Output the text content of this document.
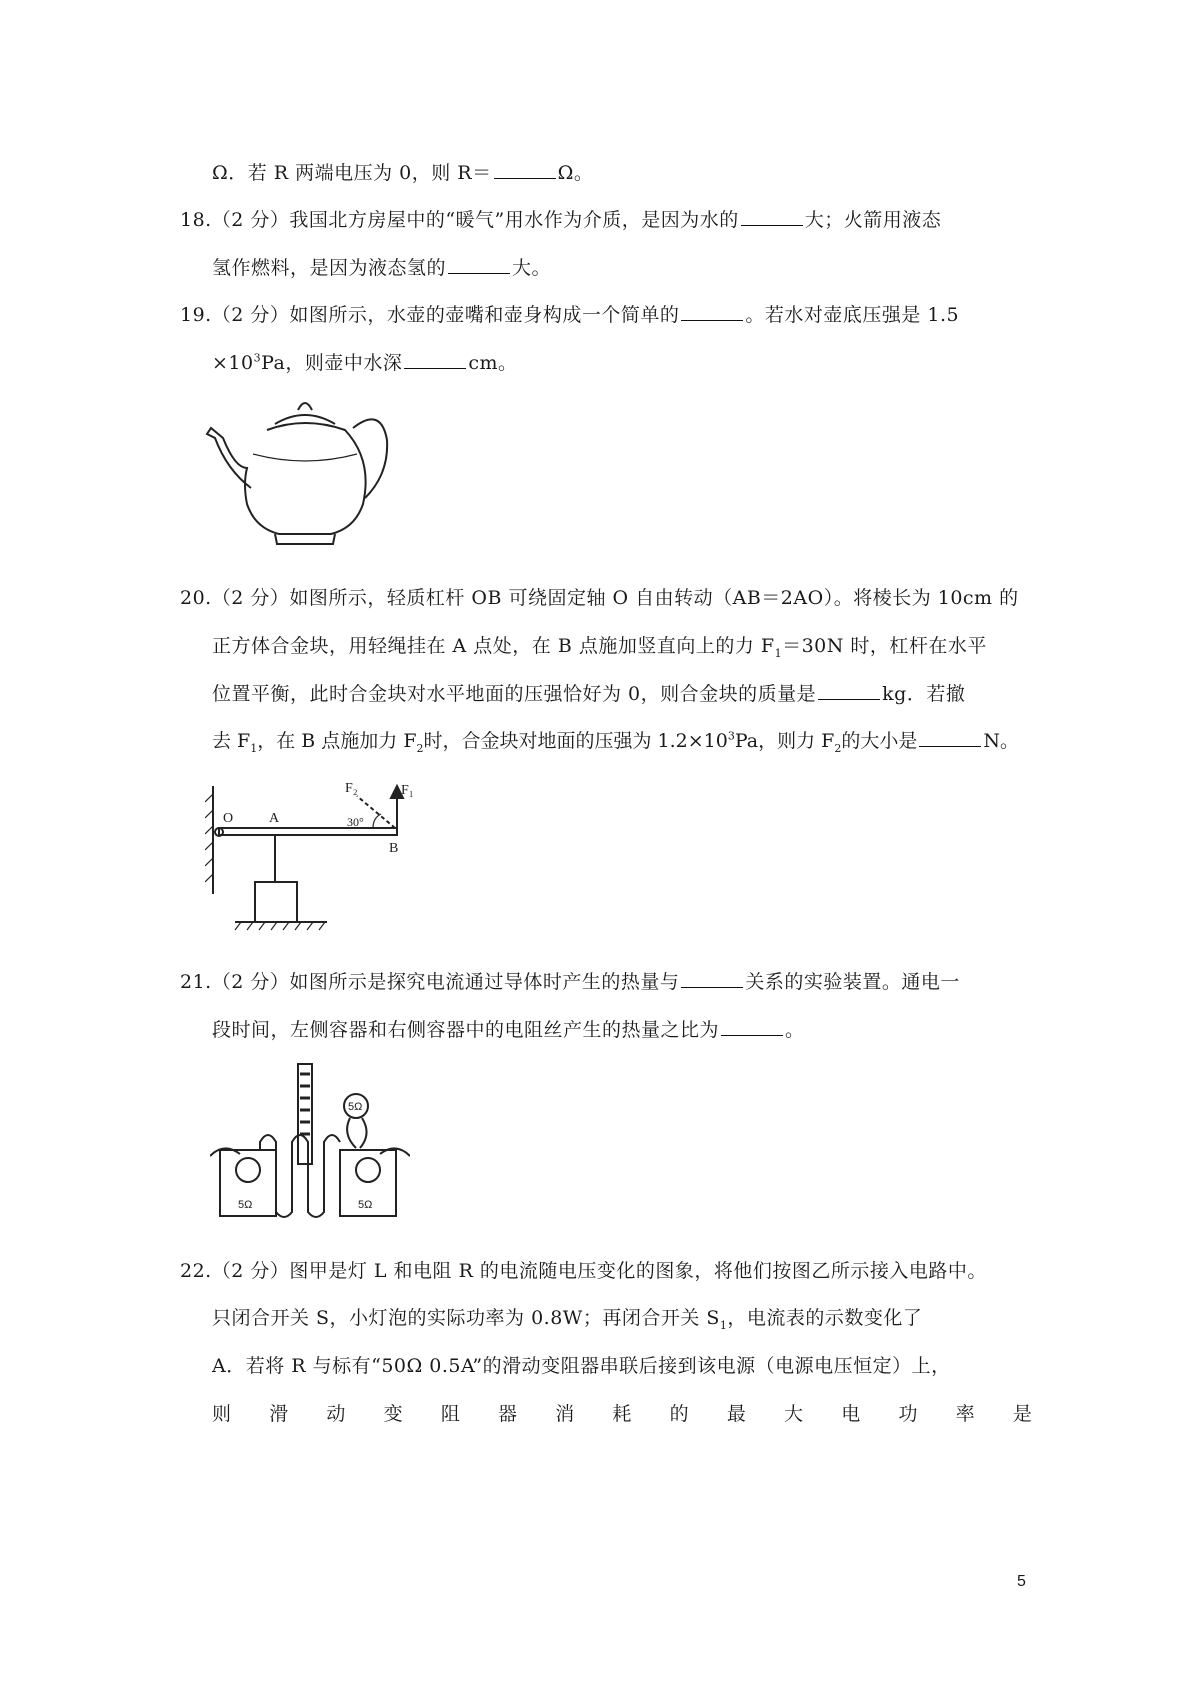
Ω．若 R 两端电压为 0，则 R＝	Ω。
18.（2 分）我国北方房屋中的“暖气”用水作为介质，是因为水的	大；火箭用液态
氢作燃料，是因为液态氢的	大。
19.（2 分）如图所示，水壶的壶嘴和壶身构成一个简单的	。若水对壶底压强是 1.5
$\times 10^3Pa$，则壶中水深	cm。
20.（2 分）如图所示，轻质杠杆 OB 可绕固定轴 O 自由转动（AB＝2AO）。将棱长为 10cm 的
正方体合金块，用轻绳挂在 A 点处，在 B 点施加竖直向上的力 $F_1=30N$ 时，杠杆在水平
位置平衡，此时合金块对水平地面的压强恰好为 0，则合金块的质量是	kg．若撤
去 $F_1$，在 B 点施加力 $F_2$时，合金块对地面的压强为 $1.2\times 10^3Pa$，则力 $F_2$的大小是	N。
O	A
B
30°
F₁
F₂
21.（2 分）如图所示是探究电流通过导体时产生的热量与	关系的实验装置。通电一
段时间，左侧容器和右侧容器中的电阻丝产生的热量之比为	。
5Ω	5Ω
5Ω
22.（2 分）图甲是灯 L 和电阻 R 的电流随电压变化的图象，将他们按图乙所示接入电路中。
只闭合开关 S，小灯泡的实际功率为 0.8W；再闭合开关 $S_1$，电流表的示数变化了
A．若将 R 与标有“50Ω 0.5A”的滑动变阻器串联后接到该电源（电源电压恒定）上，
则 滑 动 变 阻 器 消 耗 的 最 大 电 功 率 是
5
